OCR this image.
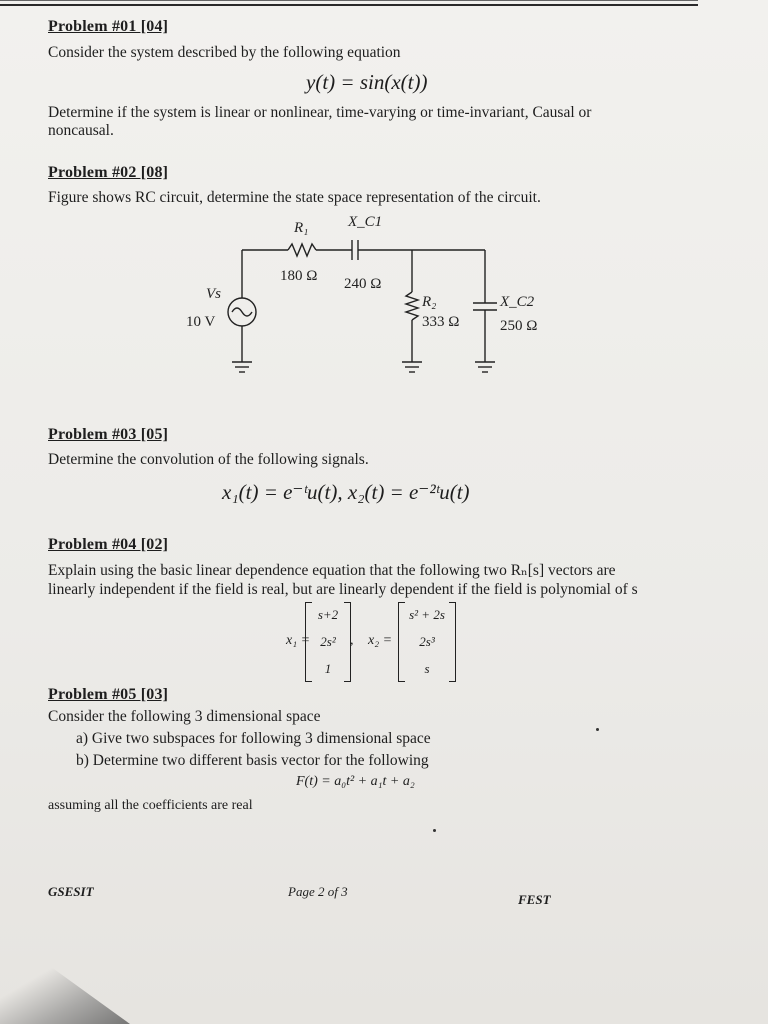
Problem #01 [04]
Consider the system described by the following equation
y(t) = sin(x(t))
Determine if the system is linear or nonlinear, time-varying or time-invariant, Causal or
noncausal.
Problem #02 [08]
Figure shows RC circuit, determine the state space representation of the circuit.
R₁	X_C1
180 Ω 240 Ω
Vs
10 V
R₂
333 Ω
X_C2
250 Ω
Problem #03 [05]
Determine the convolution of the following signals.
x₁(t) = e⁻ᵗu(t), x₂(t) = e⁻²ᵗu(t)
Problem #04 [02]
Explain using the basic linear dependence equation that the following two Rₙ[s] vectors are
linearly independent if the field is real, but are linearly dependent if the field is polynomial of s
x₁ =
s+2
2s²
1
, x₂ =
s² + 2s
2s³
s
Problem #05 [03]
Consider the following 3 dimensional space
a) Give two subspaces for following 3 dimensional space
b) Determine two different basis vector for the following
F(t) = a₀t² + a₁t + a₂
assuming all the coefficients are real
GSESIT	Page 2 of 3
FEST
